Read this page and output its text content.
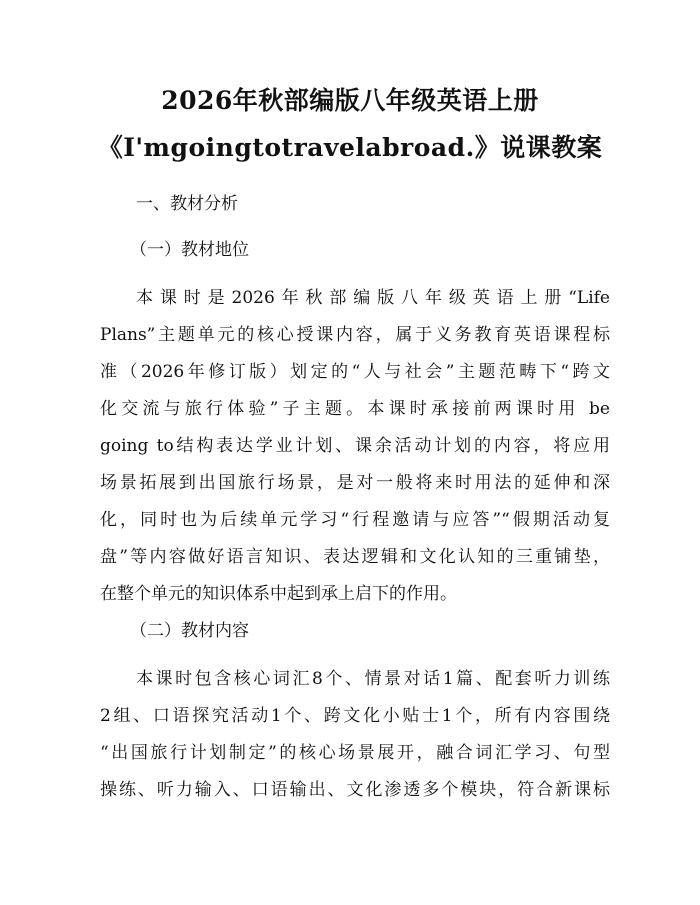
2026年秋部编版八年级英语上册
《I'mgoingtotravelabroad.》说课教案
一、教材分析
（一）教材地位
本课时是2026年秋部编版八年级英语上册“Life
Plans”主题单元的核心授课内容，属于义务教育英语课程标
准（2026年修订版）划定的“人与社会”主题范畴下“跨文
化交流与旅行体验”子主题。本课时承接前两课时用 be
going to结构表达学业计划、课余活动计划的内容，将应用
场景拓展到出国旅行场景，是对一般将来时用法的延伸和深
化，同时也为后续单元学习“行程邀请与应答”“假期活动复
盘”等内容做好语言知识、表达逻辑和文化认知的三重铺垫，
在整个单元的知识体系中起到承上启下的作用。
（二）教材内容
本课时包含核心词汇8个、情景对话1篇、配套听力训练
2组、口语探究活动1个、跨文化小贴士1个，所有内容围绕
“出国旅行计划制定”的核心场景展开，融合词汇学习、句型
操练、听力输入、口语输出、文化渗透多个模块，符合新课标
